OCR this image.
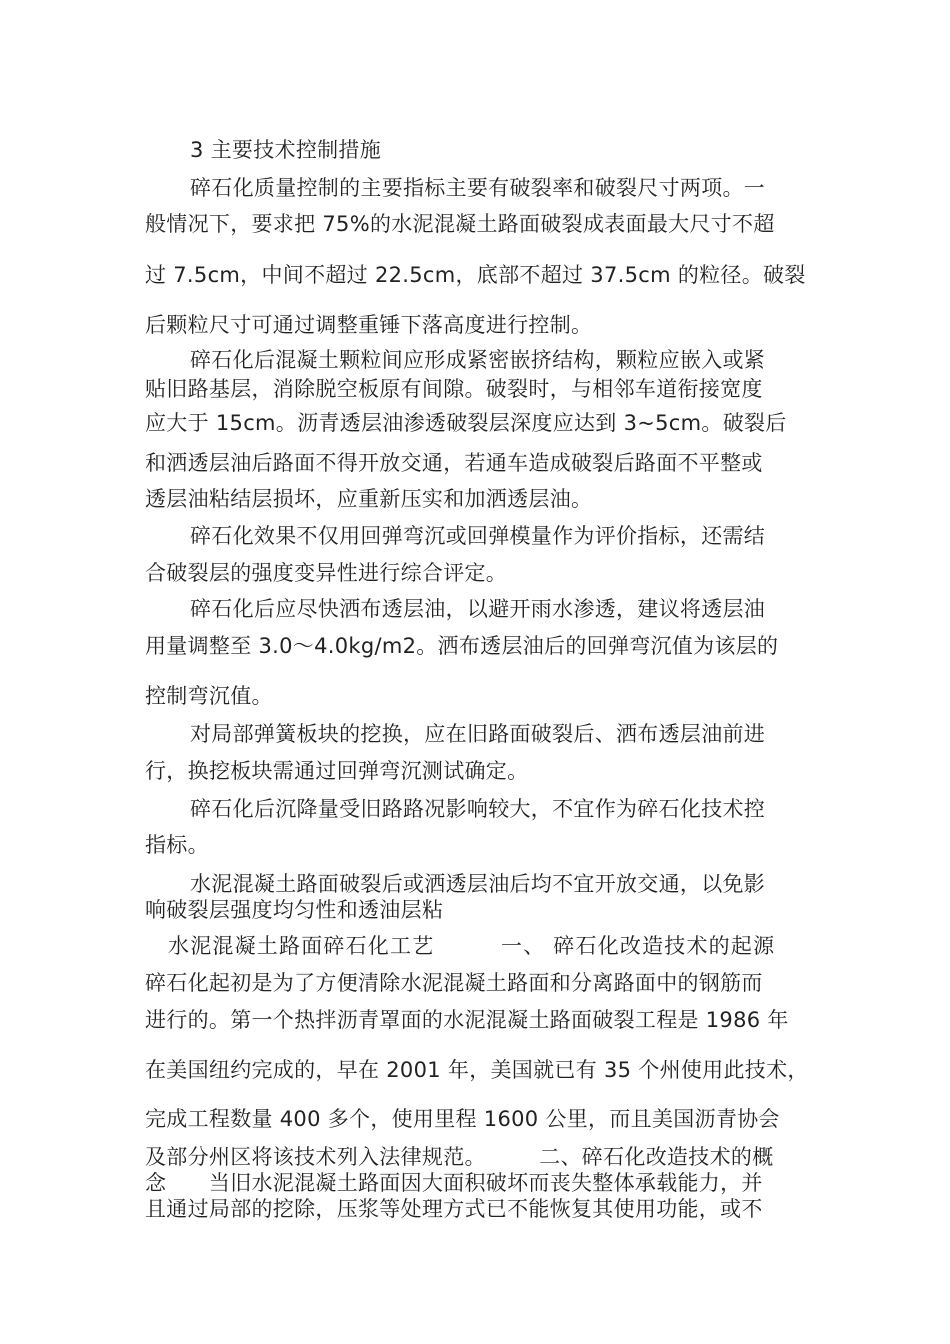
3 主要技术控制措施
碎石化质量控制的主要指标主要有破裂率和破裂尺寸两项。一
般情况下，要求把 75%的水泥混凝土路面破裂成表面最大尺寸不超
过 7.5cm，中间不超过 22.5cm，底部不超过 37.5cm 的粒径。破裂
后颗粒尺寸可通过调整重锤下落高度进行控制。
碎石化后混凝土颗粒间应形成紧密嵌挤结构，颗粒应嵌入或紧
贴旧路基层，消除脱空板原有间隙。破裂时，与相邻车道衔接宽度
应大于 15cm。沥青透层油渗透破裂层深度应达到 3~5cm。破裂后
和洒透层油后路面不得开放交通，若通车造成破裂后路面不平整或
透层油粘结层损坏，应重新压实和加洒透层油。
碎石化效果不仅用回弹弯沉或回弹模量作为评价指标，还需结
合破裂层的强度变异性进行综合评定。
碎石化后应尽快洒布透层油，以避开雨水渗透，建议将透层油
用量调整至 3.0～4.0kg/m2。洒布透层油后的回弹弯沉值为该层的
控制弯沉值。
对局部弹簧板块的挖换，应在旧路面破裂后、洒布透层油前进
行，换挖板块需通过回弹弯沉测试确定。
碎石化后沉降量受旧路路况影响较大，不宜作为碎石化技术控
指标。
水泥混凝土路面破裂后或洒透层油后均不宜开放交通，以免影
响破裂层强度均匀性和透油层粘
水泥混凝土路面碎石化工艺　　　一、 碎石化改造技术的起源
碎石化起初是为了方便清除水泥混凝土路面和分离路面中的钢筋而
进行的。第一个热拌沥青罩面的水泥混凝土路面破裂工程是 1986 年
在美国纽约完成的，早在 2001 年，美国就已有 35 个州使用此技术，
完成工程数量 400 多个，使用里程 1600 公里，而且美国沥青协会
及部分州区将该技术列入法律规范。　　　二、碎石化改造技术的概
念　　当旧水泥混凝土路面因大面积破坏而丧失整体承载能力，并
且通过局部的挖除，压浆等处理方式已不能恢复其使用功能，或不
